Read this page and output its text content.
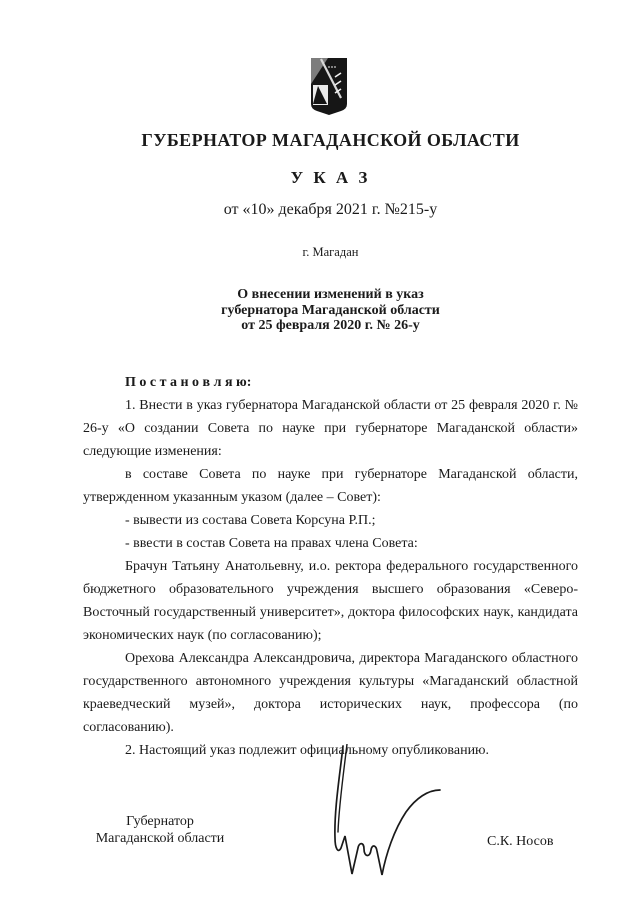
ГУБЕРНАТОР МАГАДАНСКОЙ ОБЛАСТИ
У К А З
от «10» декабря 2021 г. №215-у
г. Магадан
О внесении изменений в указ
губернатора Магаданской области
от 25 февраля 2020 г. № 26-у

П о с т а н о в л я ю:

1. Внести в указ губернатора Магаданской области от 25 февраля 2020 г. № 26-у «О создании Совета по науке при губернаторе Магаданской области» следующие изменения:

в составе Совета по науке при губернаторе Магаданской области, утвержденном указанным указом (далее – Совет):

- вывести из состава Совета Корсуна Р.П.;

- ввести в состав Совета на правах члена Совета:

Брачун Татьяну Анатольевну, и.о. ректора федерального государственного бюджетного образовательного учреждения высшего образования «Северо-Восточный государственный университет», доктора философских наук, кандидата экономических наук (по согласованию);

Орехова Александра Александровича, директора Магаданского областного государственного автономного учреждения культуры «Магаданский областной краеведческий музей», доктора исторических наук, профессора (по согласованию).

2. Настоящий указ подлежит официальному опубликованию.

Губернатор
Магаданской области	С.К. Носов
